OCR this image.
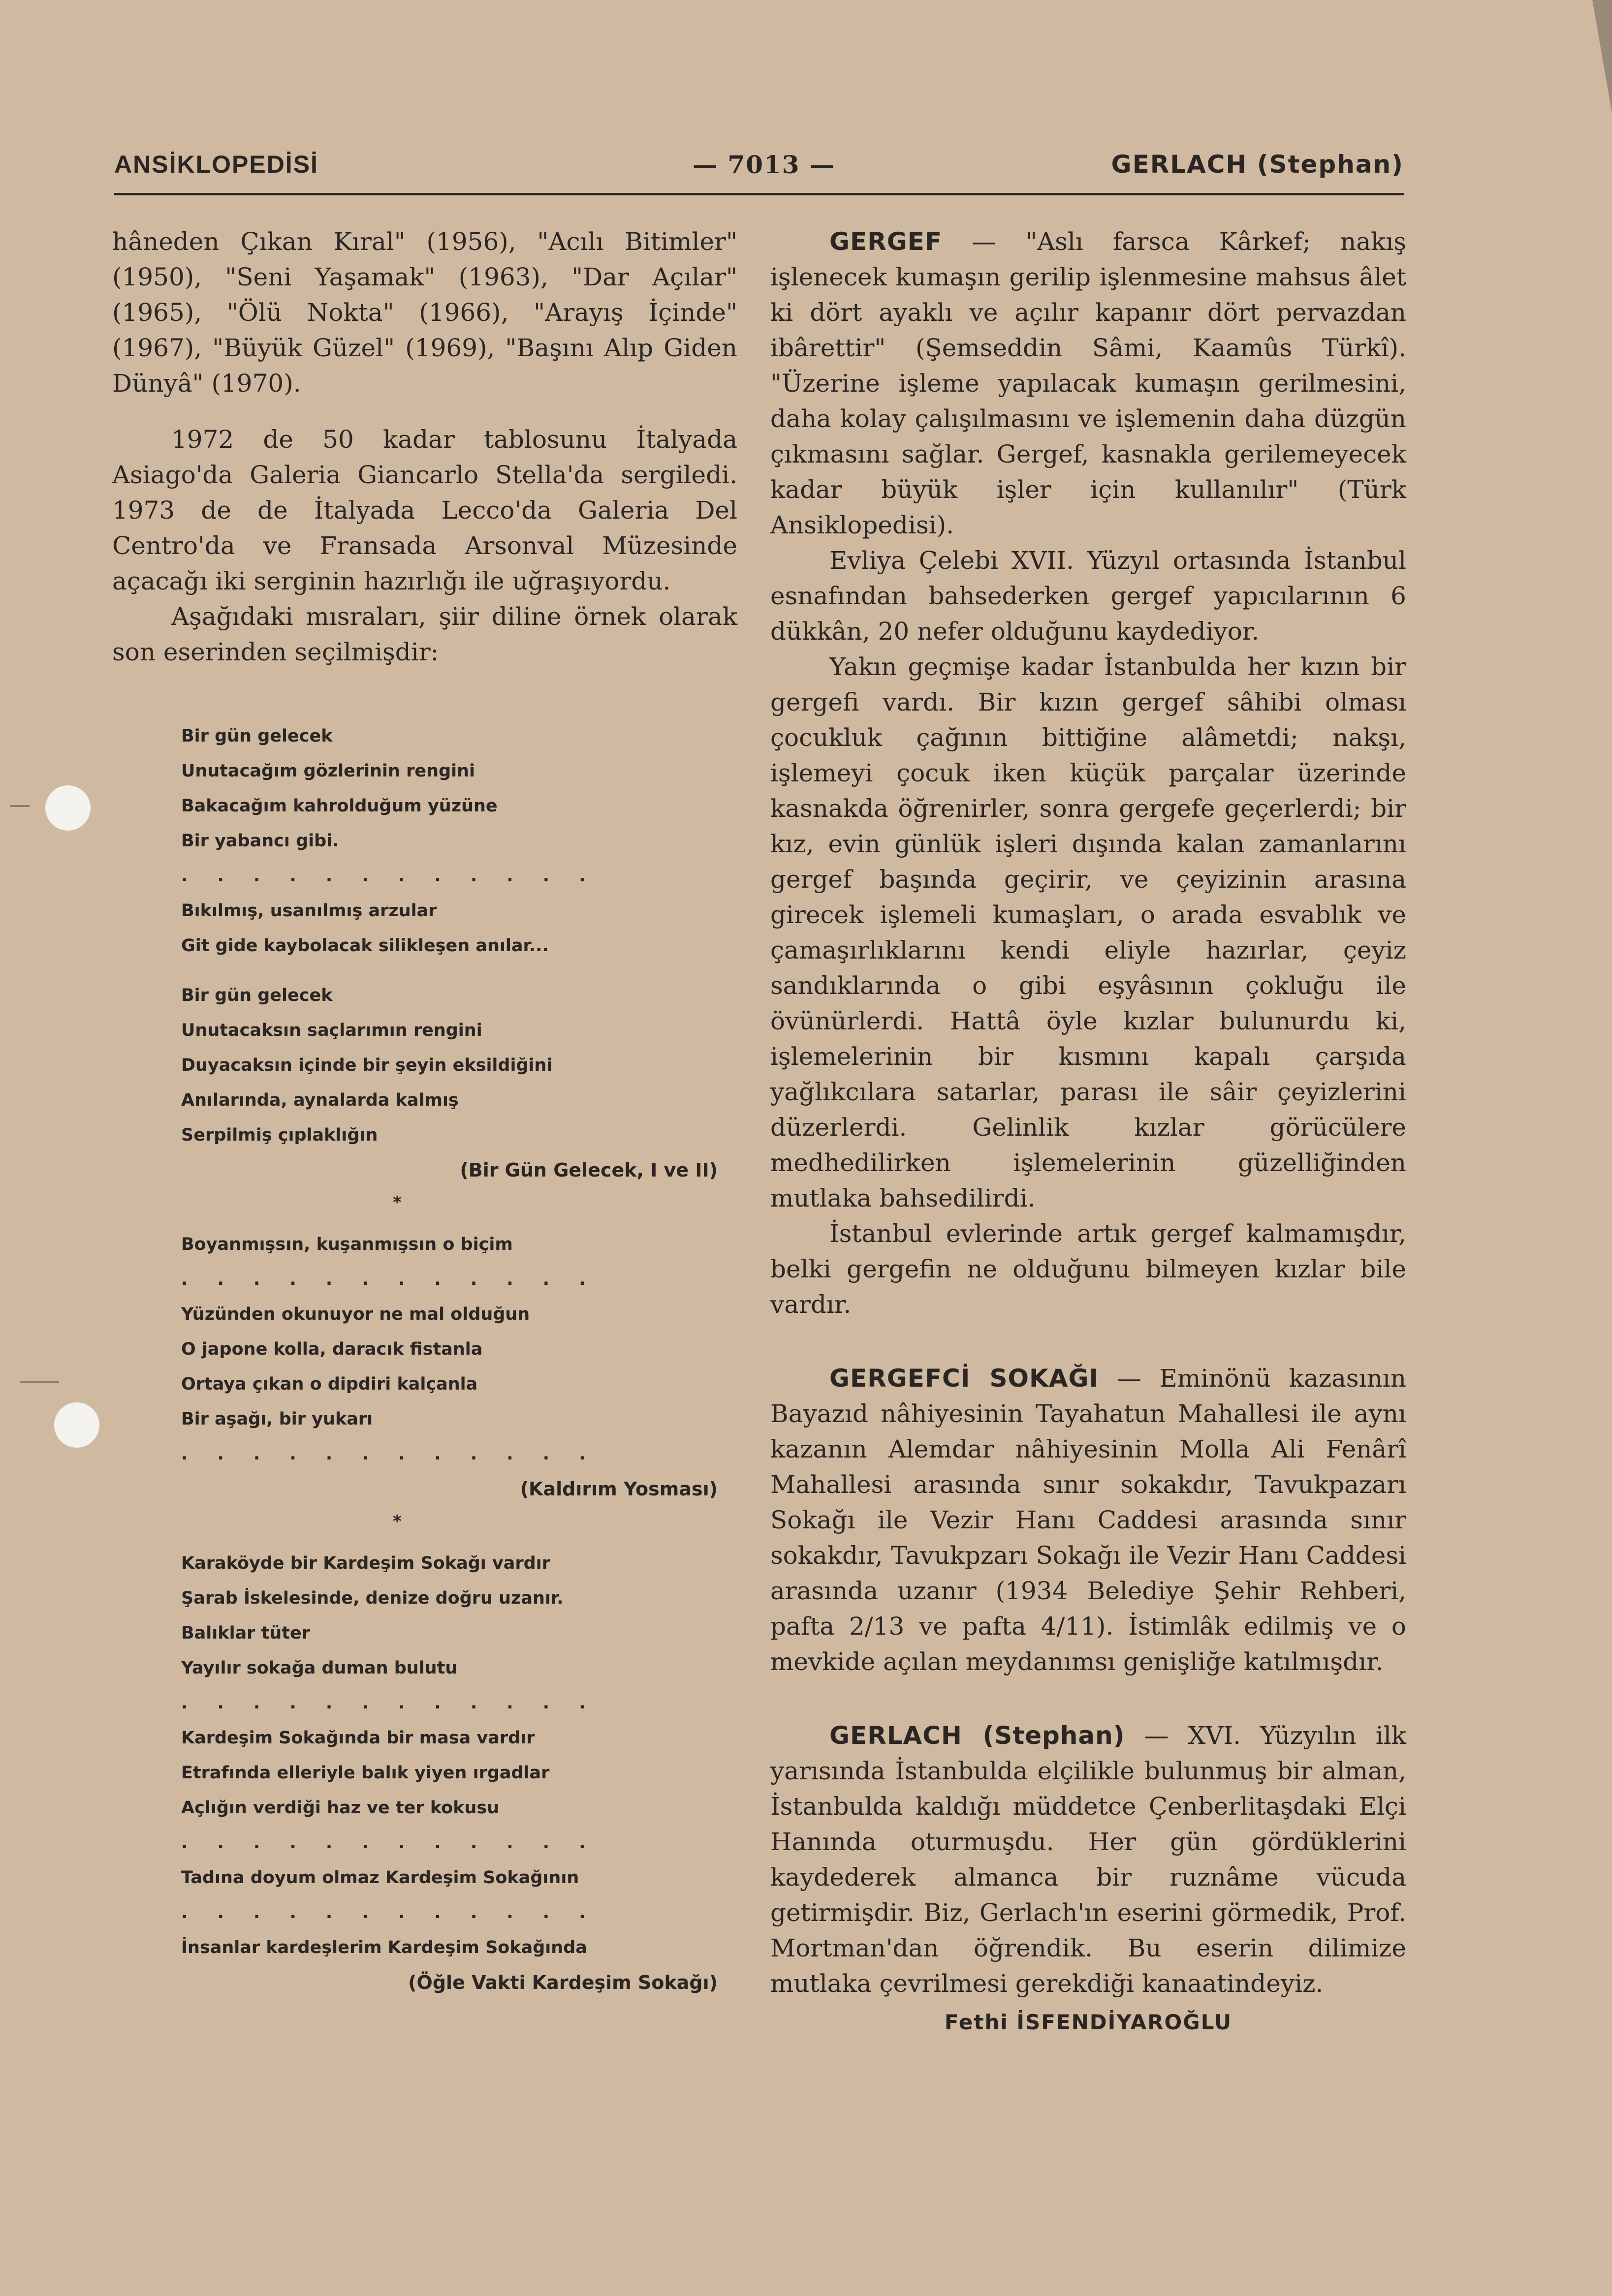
ANSİKLOPEDİSİ	— 7013 —	GERLACH (Stephan)

hâneden Çıkan Kıral" (1956), "Acılı Bitimler" (1950), "Seni Yaşamak" (1963), "Dar Açılar" (1965), "Ölü Nokta" (1966), "Arayış İçinde" (1967), "Büyük Güzel" (1969), "Başını Alıp Giden Dünyâ" (1970).

1972 de 50 kadar tablosunu İtalyada Asiago'da Galeria Giancarlo Stella'da sergiledi. 1973 de de İtalyada Lecco'da Galeria Del Centro'da ve Fransada Arsonval Müzesinde açacağı iki serginin hazırlığı ile uğraşıyordu.

Aşağıdaki mısraları, şiir diline örnek olarak son eserinden seçilmişdir:

Bir gün gelecek
Unutacağım gözlerinin rengini
Bakacağım kahrolduğum yüzüne
Bir yabancı gibi.
. . . . . . . . . . . .
Bıkılmış, usanılmış arzular
Git gide kaybolacak silikleşen anılar...
Bir gün gelecek
Unutacaksın saçlarımın rengini
Duyacaksın içinde bir şeyin eksildiğini
Anılarında, aynalarda kalmış
Serpilmiş çıplaklığın
(Bir Gün Gelecek, I ve II)
*
Boyanmışsın, kuşanmışsın o biçim
. . . . . . . . . . . .
Yüzünden okunuyor ne mal olduğun
O japone kolla, daracık fistanla
Ortaya çıkan o dipdiri kalçanla
Bir aşağı, bir yukarı
. . . . . . . . . . . .
(Kaldırım Yosması)
*
Karaköyde bir Kardeşim Sokağı vardır
Şarab İskelesinde, denize doğru uzanır.
Balıklar tüter
Yayılır sokağa duman bulutu
. . . . . . . . . . . .
Kardeşim Sokağında bir masa vardır
Etrafında elleriyle balık yiyen ırgadlar
Açlığın verdiği haz ve ter kokusu
. . . . . . . . . . . .
Tadına doyum olmaz Kardeşim Sokağının
. . . . . . . . . . . .
İnsanlar kardeşlerim Kardeşim Sokağında
(Öğle Vakti Kardeşim Sokağı)

GERGEF — "Aslı farsca Kârkef; nakış işlenecek kumaşın gerilip işlenmesine mahsus âlet ki dört ayaklı ve açılır kapanır dört pervazdan ibârettir" (Şemseddin Sâmi, Kaamûs Türkî). "Üzerine işleme yapılacak kumaşın gerilmesini, daha kolay çalışılmasını ve işlemenin daha düzgün çıkmasını sağlar. Gergef, kasnakla gerilemeyecek kadar büyük işler için kullanılır" (Türk Ansiklopedisi).

Evliya Çelebi XVII. Yüzyıl ortasında İstanbul esnafından bahsederken gergef yapıcılarının 6 dükkân, 20 nefer olduğunu kaydediyor.

Yakın geçmişe kadar İstanbulda her kızın bir gergefi vardı. Bir kızın gergef sâhibi olması çocukluk çağının bittiğine alâmetdi; nakşı, işlemeyi çocuk iken küçük parçalar üzerinde kasnakda öğrenirler, sonra gergefe geçerlerdi; bir kız, evin günlük işleri dışında kalan zamanlarını gergef başında geçirir, ve çeyizinin arasına girecek işlemeli kumaşları, o arada esvablık ve çamaşırlıklarını kendi eliyle hazırlar, çeyiz sandıklarında o gibi eşyâsının çokluğu ile övünürlerdi. Hattâ öyle kızlar bulunurdu ki, işlemelerinin bir kısmını kapalı çarşıda yağlıkcılara satarlar, parası ile sâir çeyizlerini düzerlerdi. Gelinlik kızlar görücülere medhedilirken işlemelerinin güzelliğinden mutlaka bahsedilirdi.

İstanbul evlerinde artık gergef kalmamışdır, belki gergefin ne olduğunu bilmeyen kızlar bile vardır.

GERGEFCİ SOKAĞI — Eminönü kazasının Bayazıd nâhiyesinin Tayahatun Mahallesi ile aynı kazanın Alemdar nâhiyesinin Molla Ali Fenârî Mahallesi arasında sınır sokakdır, Tavukpazarı Sokağı ile Vezir Hanı Caddesi arasında sınır sokakdır, Tavukpzarı Sokağı ile Vezir Hanı Caddesi arasında uzanır (1934 Belediye Şehir Rehberi, pafta 2/13 ve pafta 4/11). İstimlâk edilmiş ve o mevkide açılan meydanımsı genişliğe katılmışdır.

GERLACH (Stephan) — XVI. Yüzyılın ilk yarısında İstanbulda elçilikle bulunmuş bir alman, İstanbulda kaldığı müddetce Çenberlitaşdaki Elçi Hanında oturmuşdu. Her gün gördüklerini kaydederek almanca bir ruznâme vücuda getirmişdir. Biz, Gerlach'ın eserini görmedik, Prof. Mortman'dan öğrendik. Bu eserin dilimize mutlaka çevrilmesi gerekdiği kanaatindeyiz.

Fethi İSFENDİYAROĞLU
